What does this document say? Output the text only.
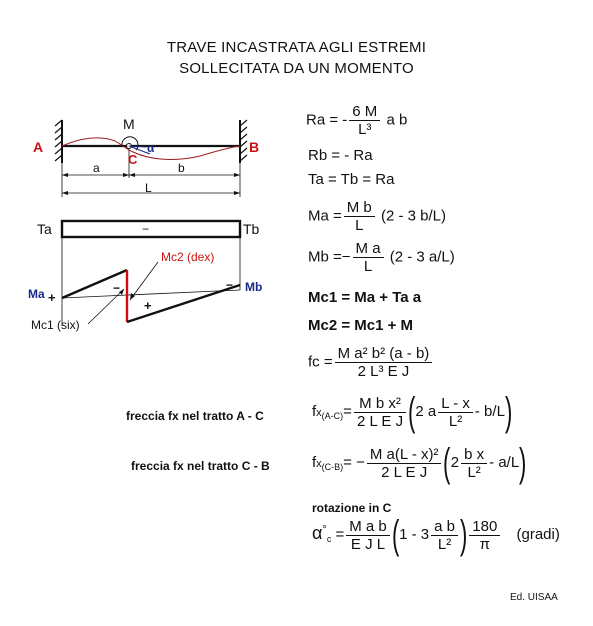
TRAVE INCASTRATA AGLI ESTREMI
SOLLECITATA DA UN MOMENTO
A	B
M
C
α
a	b
L
Ta	Tb
−
Ma	Mb
+
+
−	−
Mc2 (dex)
Mc1 (six)
Ra = - $\frac{6 M}{\text{L³}}$ a b
Rb = - Ra
Ta = Tb = Ra
$Ma = \frac{\text{M b}}{L} (2 - 3$ b/L)
$Mb =- \frac{\text{M a}}{L} (2 - 3$ a/L)
Mc1 = Ma + Ta a
Mc2 = Mc1 + M
fc = $\frac{\text{M a² b² (a - b)}}{\text{2 L³ E J}}$
freccia fx nel tratto A - C	$fx_{(A-C)}= \frac{\text{M b x²}}{\text{2 L E J}} (2$ a $\frac{L - x}{\text{L²}} - b/L$)
freccia fx nel tratto C - B	$fx_{(C-B)}= - \frac{\text{M a(L - x)²}}{\text{2 L E J}} (2 \frac{\text{b x}}{\text{L²}} - a/L)$
rotazione in C
$\alpha^\circ_c = \frac{\text{M a b}}{\text{E J L}} (1 - 3 \frac{\text{a b}}{\text{L²}}$ ) $\frac{180}{\pi}$ (gradi)
Ed. UISAA
